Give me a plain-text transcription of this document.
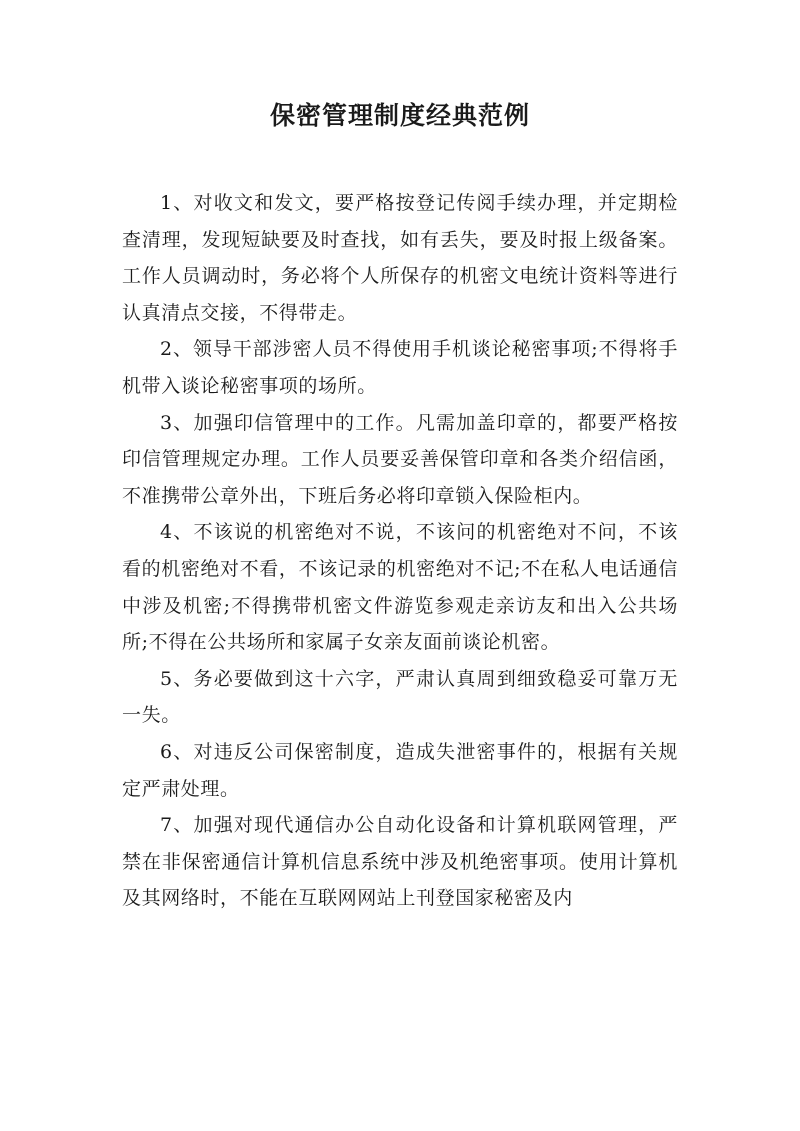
保密管理制度经典范例

1、对收文和发文，要严格按登记传阅手续办理，并定期检查清理，发现短缺要及时查找，如有丢失，要及时报上级备案。工作人员调动时，务必将个人所保存的机密文电统计资料等进行认真清点交接，不得带走。

2、领导干部涉密人员不得使用手机谈论秘密事项;不得将手机带入谈论秘密事项的场所。

3、加强印信管理中的工作。凡需加盖印章的，都要严格按印信管理规定办理。工作人员要妥善保管印章和各类介绍信函，不准携带公章外出，下班后务必将印章锁入保险柜内。

4、不该说的机密绝对不说，不该问的机密绝对不问，不该看的机密绝对不看，不该记录的机密绝对不记;不在私人电话通信中涉及机密;不得携带机密文件游览参观走亲访友和出入公共场所;不得在公共场所和家属子女亲友面前谈论机密。

5、务必要做到这十六字，严肃认真周到细致稳妥可靠万无一失。

6、对违反公司保密制度，造成失泄密事件的，根据有关规定严肃处理。

7、加强对现代通信办公自动化设备和计算机联网管理，严禁在非保密通信计算机信息系统中涉及机绝密事项。使用计算机及其网络时，不能在互联网网站上刊登国家秘密及内
